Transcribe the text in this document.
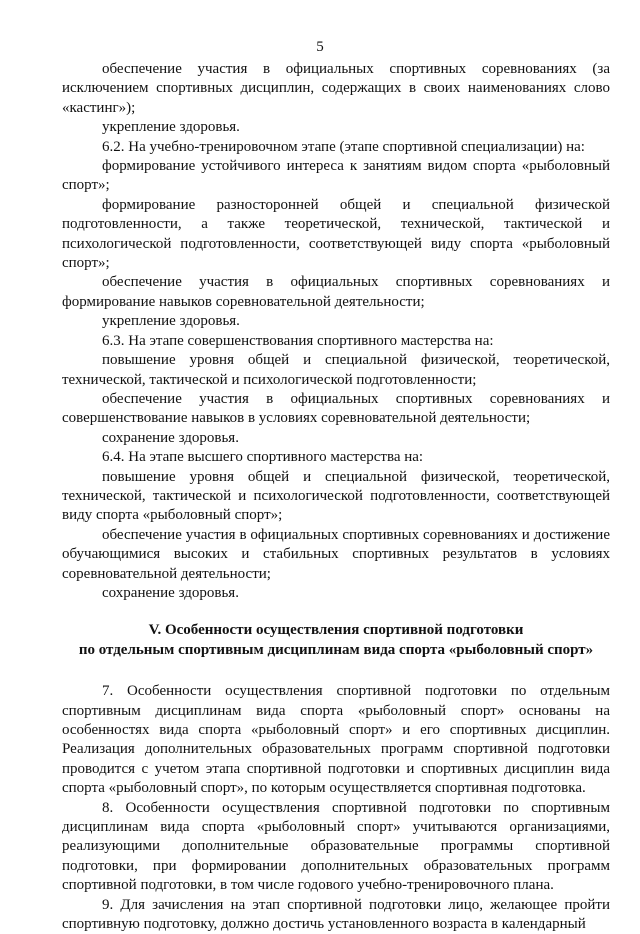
5

обеспечение участия в официальных спортивных соревнованиях (за исключением спортивных дисциплин, содержащих в своих наименованиях слово «кастинг»);

укрепление здоровья.

6.2. На учебно-тренировочном этапе (этапе спортивной специализации) на:

формирование устойчивого интереса к занятиям видом спорта «рыболовный спорт»;

формирование разносторонней общей и специальной физической подготовленности, а также теоретической, технической, тактической и психологической подготовленности, соответствующей виду спорта «рыболовный спорт»;

обеспечение участия в официальных спортивных соревнованиях и формирование навыков соревновательной деятельности;

укрепление здоровья.

6.3. На этапе совершенствования спортивного мастерства на:

повышение уровня общей и специальной физической, теоретической, технической, тактической и психологической подготовленности;

обеспечение участия в официальных спортивных соревнованиях и совершенствование навыков в условиях соревновательной деятельности;

сохранение здоровья.

6.4. На этапе высшего спортивного мастерства на:

повышение уровня общей и специальной физической, теоретической, технической, тактической и психологической подготовленности, соответствующей виду спорта «рыболовный спорт»;

обеспечение участия в официальных спортивных соревнованиях и достижение обучающимися высоких и стабильных спортивных результатов в условиях соревновательной деятельности;

сохранение здоровья.

V. Особенности осуществления спортивной подготовки
по отдельным спортивным дисциплинам вида спорта «рыболовный спорт»

7. Особенности осуществления спортивной подготовки по отдельным спортивным дисциплинам вида спорта «рыболовный спорт» основаны на особенностях вида спорта «рыболовный спорт» и его спортивных дисциплин. Реализация дополнительных образовательных программ спортивной подготовки проводится с учетом этапа спортивной подготовки и спортивных дисциплин вида спорта «рыболовный спорт», по которым осуществляется спортивная подготовка.

8. Особенности осуществления спортивной подготовки по спортивным дисциплинам вида спорта «рыболовный спорт» учитываются организациями, реализующими дополнительные образовательные программы спортивной подготовки, при формировании дополнительных образовательных программ спортивной подготовки, в том числе годового учебно-тренировочного плана.

9. Для зачисления на этап спортивной подготовки лицо, желающее пройти спортивную подготовку, должно достичь установленного возраста в календарный
